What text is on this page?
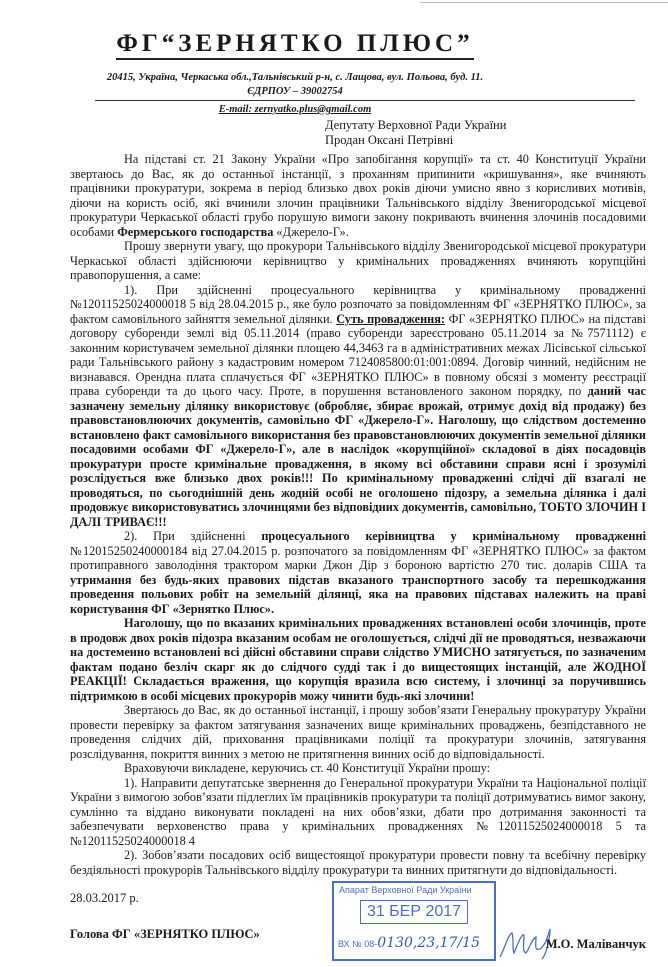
ФГ“ЗЕРНЯТКО ПЛЮС”
20415, Україна, Черкаська обл.,Тальнівський р-н, с. Лащова, вул. Польова, буд. 11.
ЄДРПОУ – 39002754
E-mail: zernyatko.plus@gmail.com
Депутату Верховної Ради України
Продан Оксані Петрівні

На підставі ст. 21 Закону України «Про запобігання корупції» та ст. 40 Конституції України звертаюсь до Вас, як до останньої інстанції, з проханням припинити «кришування», яке вчиняють працівники прокуратури, зокрема в період близько двох років діючи умисно явно з корисливих мотивів, діючи на користь осіб, які вчинили злочин працівники Тальнівського відділу Звенигородської місцевої прокуратури Черкаської області грубо порушую вимоги закону покривають вчинення злочинів посадовими особами Фермерського господарства «Джерело-Г».

Прошу звернути увагу, що прокурори Тальнівського відділу Звенигородської місцевої прокуратури Черкаської області здійснюючи керівництво у кримінальних провадженнях вчиняють корупційні правопорушення, а саме:

1). При здійсненні процесуального керівництва у кримінальному провадженні №12011525024000018 5 від 28.04.2015 р., яке було розпочато за повідомленням ФГ «ЗЕРНЯТКО ПЛЮС», за фактом самовільного зайняття земельної ділянки. Суть провадження: ФГ «ЗЕРНЯТКО ПЛЮС» на підставі договору суборенди землі від 05.11.2014 (право суборенди зареєстровано 05.11.2014 за №7571112) є законним користувачем земельної ділянки площею 44,3463 га в адміністративних межах Лісівської сільської ради Тальнівського району з кадастровим номером 7124085800:01:001:0894. Договір чинний, недійсним не визнавався. Орендна плата сплачується ФГ «ЗЕРНЯТКО ПЛЮС» в повному обсязі з моменту реєстрації права суборенди та до цього часу. Проте, в порушення встановленого законом порядку, по даний час зазначену земельну ділянку використовує (обробляє, збирає врожай, отримує дохід від продажу) без правовстановлюючих документів, самовільно ФГ «Джерело-Г». Наголошу, що слідством достеменно встановлено факт самовільного використання без правовстановлюючих документів земельної ділянки посадовими особами ФГ «Джерело-Г», але в наслідок «корупційної» складової в діях посадовців прокуратури просте кримінальне провадження, в якому всі обставини справи ясні і зрозумілі розслідується вже близько двох років!!! По кримінальному провадженні слідчі дії взагалі не проводяться, по сьогоднішній день жодній особі не оголошено підозру, а земельна ділянка і далі продовжує використовуватись злочинцями без відповідних документів, самовільно, ТОБТО ЗЛОЧИН І ДАЛІ ТРИВАЄ!!!

2). При здійсненні процесуального керівництва у кримінальному провадженні №12015250240000184 від 27.04.2015 р. розпочатого за повідомленням ФГ «ЗЕРНЯТКО ПЛЮС» за фактом протиправного заволодіння трактором марки Джон Дір з бороною вартістю 270 тис. доларів США та утримання без будь-яких правових підстав вказаного транспортного засобу та перешкоджання проведення польових робіт на земельній ділянці, яка на правових підставах належить на праві користування ФГ «Зернятко Плюс».

Наголошу, що по вказаних кримінальних провадженнях встановлені особи злочинців, проте в продовж двох років підозра вказаним особам не оголошується, слідчі дії не проводяться, незважаючи на достеменно встановлені всі дійсні обставини справи слідство УМИСНО затягується, по зазначеним фактам подано безліч скарг як до слідчого судді так і до вищестоящих інстанцій, але ЖОДНОЇ РЕАКЦІЇ! Складається враження, що корупція вразила всю систему, і злочинці за поручившись підтримкою в особі місцевих прокурорів можу чинити будь-які злочини!

Звертаюсь до Вас, як до останньої інстанції, і прошу зобов’язати Генеральну прокуратуру України провести перевірку за фактом затягування зазначених вище кримінальних проваджень, безпідставного не проведення слідчих дій, приховання працівниками поліції та прокуратури злочинів, затягування розслідування, покриття винних з метою не притягнення винних осіб до відповідальності.

Враховуючи викладене, керуючись ст. 40 Конституції України прошу:

1). Направити депутатське звернення до Генеральної прокуратури України та Національної поліції України з вимогою зобов’язати підлеглих їм працівників прокуратури та поліції дотримуватись вимог закону, сумлінно та віддано виконувати покладені на них обов’язки, дбати про дотримання законності та забезпечувати верховенство права у кримінальних провадженнях №12011525024000018 5 та №12011525024000018 4

2). Зобов’язати посадових осіб вищестоящої прокуратури провести повну та всебічну перевірку бездіяльності прокурорів Тальнівського відділу прокуратури та винних притягнути до відповідальності.

28.03.2017 р.
Голова ФГ «ЗЕРНЯТКО ПЛЮС»
Апарат Верховної Ради України
31 БЕР 2017
ВХ № 08-0130,23,17/15	М.О. Малiванчук
